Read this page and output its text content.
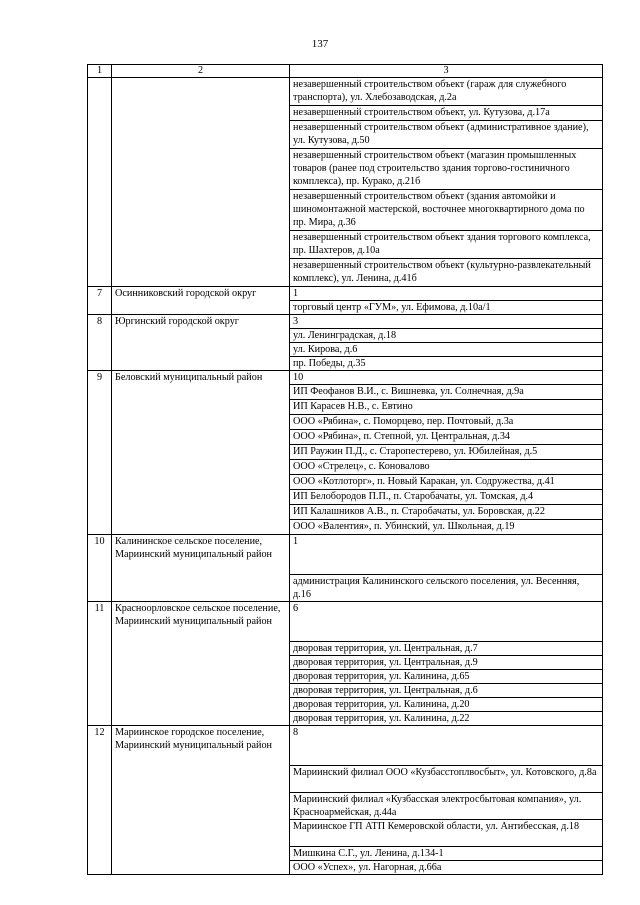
137
1	2	3
		незавершенный строительством объект (гараж для служебного транспорта), ул. Хлебозаводская, д.2а
		незавершенный строительством объект, ул. Кутузова, д.17а
		незавершенный строительством объект (административное здание), ул. Кутузова, д.50
		незавершенный строительством объект (магазин промышленных товаров (ранее под строительство здания торгово-гостиничного комплекса), пр. Курако, д.21б
		незавершенный строительством объект (здания автомойки и шиномонтажной мастерской, восточнее многоквартирного дома по пр. Мира, д.36
		незавершенный строительством объект здания торгового комплекса, пр. Шахтеров, д.10а
		незавершенный строительством объект (культурно-развлекательный комплекс), ул. Ленина, д.41б
7	Осинниковский городской округ	1
		торговый центр «ГУМ», ул. Ефимова, д.10а/1
8	Юргинский городской округ	3
		ул. Ленинградская, д.18
		ул. Кирова, д.6
		пр. Победы, д.35
9	Беловский муниципальный район	10
		ИП Феофанов В.И., с. Вишневка, ул. Солнечная, д.9а
		ИП Карасев Н.В., с. Евтино
		ООО «Рябина», с. Поморцево, пер. Почтовый, д.3а
		ООО «Рябина», п. Степной, ул. Центральная, д.34
		ИП Раужин П.Д., с. Старопестерево, ул. Юбилейная, д.5
		ООО «Стрелец», с. Коновалово
		ООО «Котлоторг», п. Новый Каракан, ул. Содружества, д.41
		ИП Белобородов П.П., п. Старобачаты, ул. Томская, д.4
		ИП Калашников А.В., п. Старобачаты, ул. Боровская, д.22
		ООО «Валентия», п. Убинский, ул. Школьная, д.19
10	Калининское сельское поселение, Мариинский муниципальный район	1
		администрация Калининского сельского поселения, ул. Весенняя, д.16
11	Красноорловское сельское поселение, Мариинский муниципальный район	6
		дворовая территория, ул. Центральная, д.7
		дворовая территория, ул. Центральная, д.9
		дворовая территория, ул. Калинина, д.65
		дворовая территория, ул. Центральная, д.6
		дворовая территория, ул. Калинина, д.20
		дворовая территория, ул. Калинина, д.22
12	Мариинское городское поселение, Мариинский муниципальный район	8
		Мариинский филиал ООО «Кузбасстоплвосбыт», ул. Котовского, д.8а
		Мариинский филиал «Кузбасская электросбытовая компания», ул. Красноармейская, д.44а
		Мариинское ГП АТП Кемеровской области, ул. Антибесская, д.18
		Мишкина С.Г., ул. Ленина, д.134-1
		ООО «Успех», ул. Нагорная, д.66а
